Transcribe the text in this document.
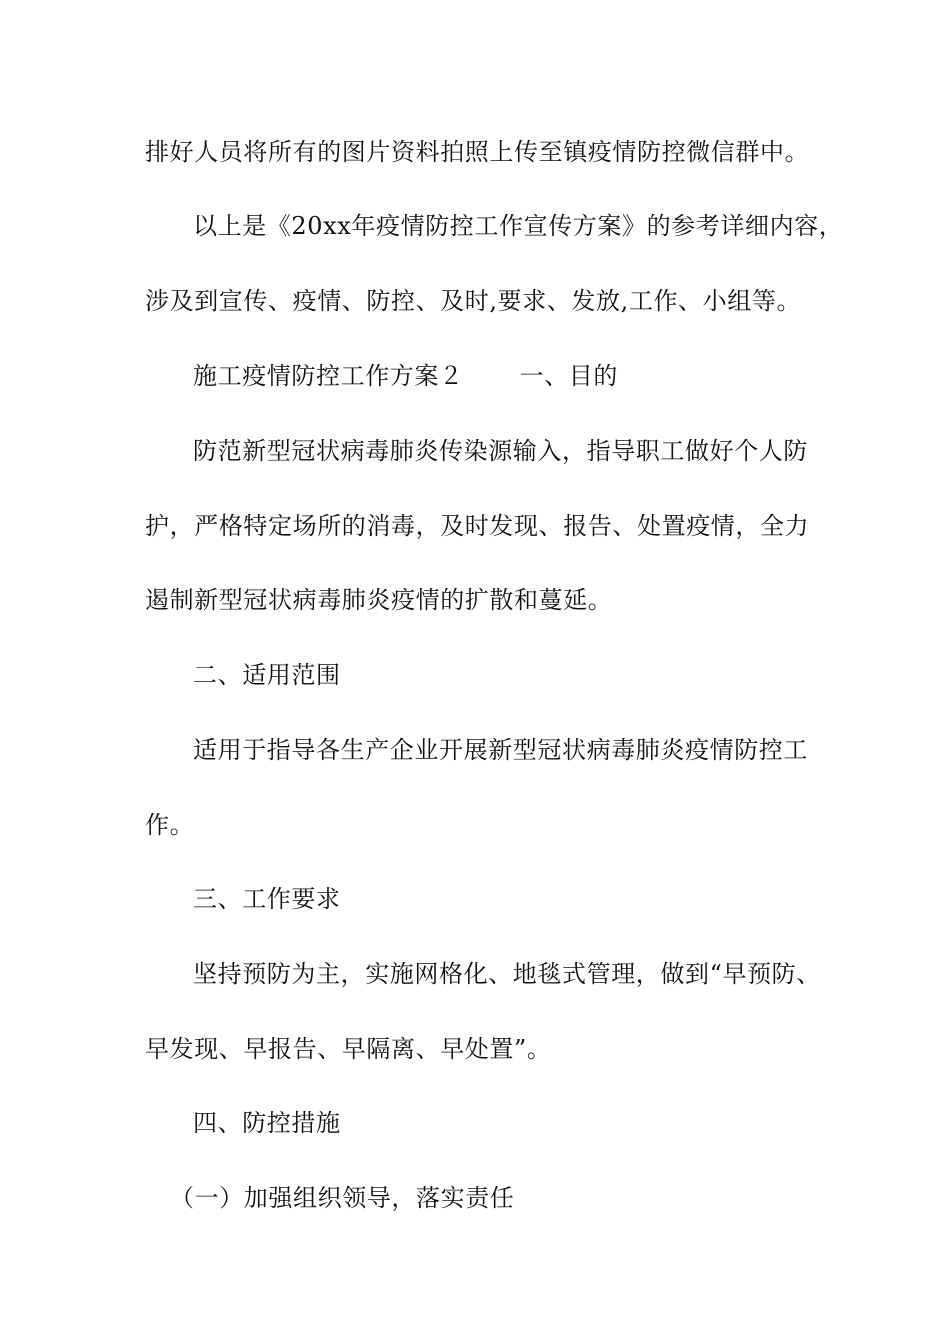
排好人员将所有的图片资料拍照上传至镇疫情防控微信群中。
以上是《20xx年疫情防控工作宣传方案》的参考详细内容，
涉及到宣传、疫情、防控、及时,要求、发放,工作、小组等。
施工疫情防控工作方案２ 一、目的
防范新型冠状病毒肺炎传染源输入，指导职工做好个人防
护，严格特定场所的消毒，及时发现、报告、处置疫情，全力
遏制新型冠状病毒肺炎疫情的扩散和蔓延。
二、适用范围
适用于指导各生产企业开展新型冠状病毒肺炎疫情防控工
作。
三、工作要求
坚持预防为主，实施网格化、地毯式管理，做到“早预防、
早发现、早报告、早隔离、早处置”。
四、防控措施
（一）加强组织领导，落实责任
